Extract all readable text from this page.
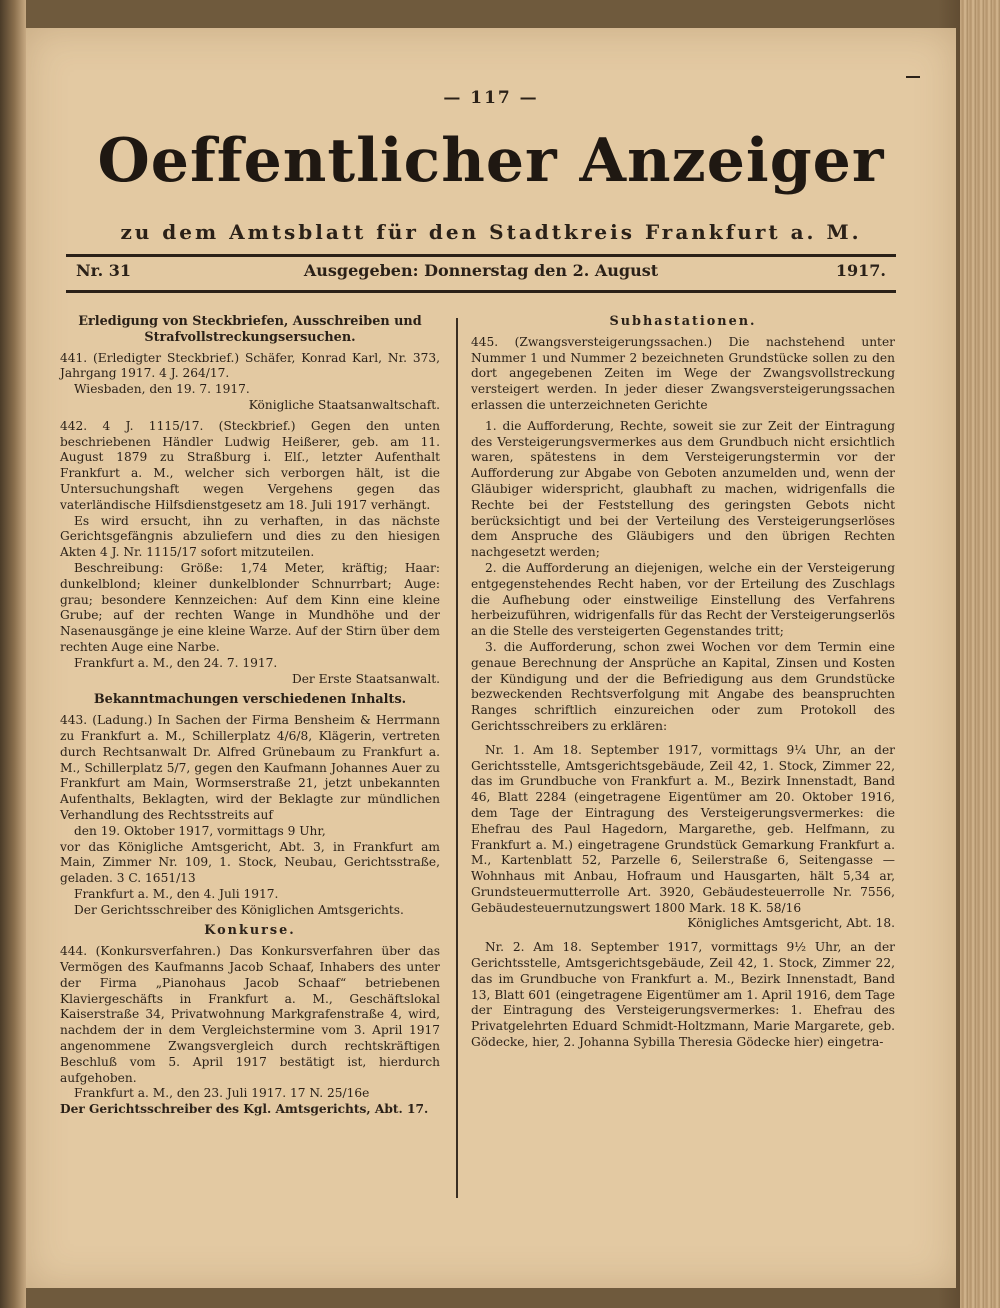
— 117 —
Oeffentlicher Anzeiger
zu dem Amtsblatt für den Stadtkreis Frankfurt a. M.
Nr. 31	Ausgegeben: Donnerstag den 2. August	1917.

Erledigung von Steckbriefen, Ausschreiben und Strafvollstreckungsersuchen.

441. (Erledigter Steckbrief.) Schäfer, Konrad Karl, Nr. 373, Jahrgang 1917. 4 J. 264/17.

Wiesbaden, den 19. 7. 1917.

Königliche Staatsanwaltschaft.

442. 4 J. 1115/17. (Steckbrief.) Gegen den unten beschriebenen Händler Ludwig Heißerer, geb. am 11. August 1879 zu Straßburg i. Elſ., letzter Aufenthalt Frankfurt a. M., welcher sich verborgen hält, ist die Untersuchungshaft wegen Vergehens gegen das vaterländische Hilfsdienstgesetz am 18. Juli 1917 verhängt.

Es wird ersucht, ihn zu verhaften, in das nächste Gerichtsgefängnis abzuliefern und dies zu den hiesigen Akten 4 J. Nr. 1115/17 sofort mitzuteilen.

Beschreibung: Größe: 1,74 Meter, kräftig; Haar: dunkelblond; kleiner dunkelblonder Schnurrbart; Auge: grau; besondere Kennzeichen: Auf dem Kinn eine kleine Grube; auf der rechten Wange in Mundhöhe und der Nasenausgänge je eine kleine Warze. Auf der Stirn über dem rechten Auge eine Narbe.

Frankfurt a. M., den 24. 7. 1917.

Der Erste Staatsanwalt.

Bekanntmachungen verschiedenen Inhalts.

443. (Ladung.) In Sachen der Firma Bensheim & Herrmann zu Frankfurt a. M., Schillerplatz 4/6/8, Klägerin, vertreten durch Rechtsanwalt Dr. Alfred Grünebaum zu Frankfurt a. M., Schillerplatz 5/7, gegen den Kaufmann Johannes Auer zu Frankfurt am Main, Wormserstraße 21, jetzt unbekannten Aufenthalts, Beklagten, wird der Beklagte zur mündlichen Verhandlung des Rechtsstreits auf

den 19. Oktober 1917, vormittags 9 Uhr,

vor das Königliche Amtsgericht, Abt. 3, in Frankfurt am Main, Zimmer Nr. 109, 1. Stock, Neubau, Gerichtsstraße, geladen. 3 C. 1651/13

Frankfurt a. M., den 4. Juli 1917.

Der Gerichtsschreiber des Königlichen Amtsgerichts.

Konkurse.

444. (Konkursverfahren.) Das Konkursverfahren über das Vermögen des Kaufmanns Jacob Schaaf, Inhabers des unter der Firma „Pianohaus Jacob Schaaf“ betriebenen Klaviergeschäfts in Frankfurt a. M., Geschäftslokal Kaiserstraße 34, Privatwohnung Markgrafenstraße 4, wird, nachdem der in dem Vergleichstermine vom 3. April 1917 angenommene Zwangsvergleich durch rechtskräftigen Beschluß vom 5. April 1917 bestätigt ist, hierdurch aufgehoben.

Frankfurt a. M., den 23. Juli 1917. 17 N. 25/16e

Der Gerichtsschreiber des Kgl. Amtsgerichts, Abt. 17.

Subhastationen.

445. (Zwangsversteigerungssachen.) Die nachstehend unter Nummer 1 und Nummer 2 bezeichneten Grundstücke sollen zu den dort angegebenen Zeiten im Wege der Zwangsvollstreckung versteigert werden. In jeder dieser Zwangsversteigerungssachen erlassen die unterzeichneten Gerichte

1. die Aufforderung, Rechte, soweit sie zur Zeit der Eintragung des Versteigerungsvermerkes aus dem Grundbuch nicht ersichtlich waren, spätestens in dem Versteigerungstermin vor der Aufforderung zur Abgabe von Geboten anzumelden und, wenn der Gläubiger widerspricht, glaubhaft zu machen, widrigenfalls die Rechte bei der Feststellung des geringsten Gebots nicht berücksichtigt und bei der Verteilung des Versteigerungserlöses dem Anspruche des Gläubigers und den übrigen Rechten nachgesetzt werden;

2. die Aufforderung an diejenigen, welche ein der Versteigerung entgegenstehendes Recht haben, vor der Erteilung des Zuschlags die Aufhebung oder einstweilige Einstellung des Verfahrens herbeizuführen, widrigenfalls für das Recht der Versteigerungserlös an die Stelle des versteigerten Gegenstandes tritt;

3. die Aufforderung, schon zwei Wochen vor dem Termin eine genaue Berechnung der Ansprüche an Kapital, Zinsen und Kosten der Kündigung und der die Befriedigung aus dem Grundstücke bezweckenden Rechtsverfolgung mit Angabe des beanspruchten Ranges schriftlich einzureichen oder zum Protokoll des Gerichtsschreibers zu erklären:

Nr. 1. Am 18. September 1917, vormittags 9¼ Uhr, an der Gerichtsstelle, Amtsgerichtsgebäude, Zeil 42, 1. Stock, Zimmer 22, das im Grundbuche von Frankfurt a. M., Bezirk Innenstadt, Band 46, Blatt 2284 (eingetragene Eigentümer am 20. Oktober 1916, dem Tage der Eintragung des Versteigerungsvermerkes: die Ehefrau des Paul Hagedorn, Margarethe, geb. Helfmann, zu Frankfurt a. M.) eingetragene Grundstück Gemarkung Frankfurt a. M., Kartenblatt 52, Parzelle 6, Seilerstraße 6, Seitengasse — Wohnhaus mit Anbau, Hofraum und Hausgarten, hält 5,34 ar, Grundsteuermutterrolle Art. 3920, Gebäudesteuerrolle Nr. 7556, Gebäudesteuernutzungswert 1800 Mark. 18 K. 58/16

Königliches Amtsgericht, Abt. 18.

Nr. 2. Am 18. September 1917, vormittags 9½ Uhr, an der Gerichtsstelle, Amtsgerichtsgebäude, Zeil 42, 1. Stock, Zimmer 22, das im Grundbuche von Frankfurt a. M., Bezirk Innenstadt, Band 13, Blatt 601 (eingetragene Eigentümer am 1. April 1916, dem Tage der Eintragung des Versteigerungsvermerkes: 1. Ehefrau des Privatgelehrten Eduard Schmidt-Holtzmann, Marie Margarete, geb. Gödecke, hier, 2. Johanna Sybilla Theresia Gödecke hier) eingetra-
